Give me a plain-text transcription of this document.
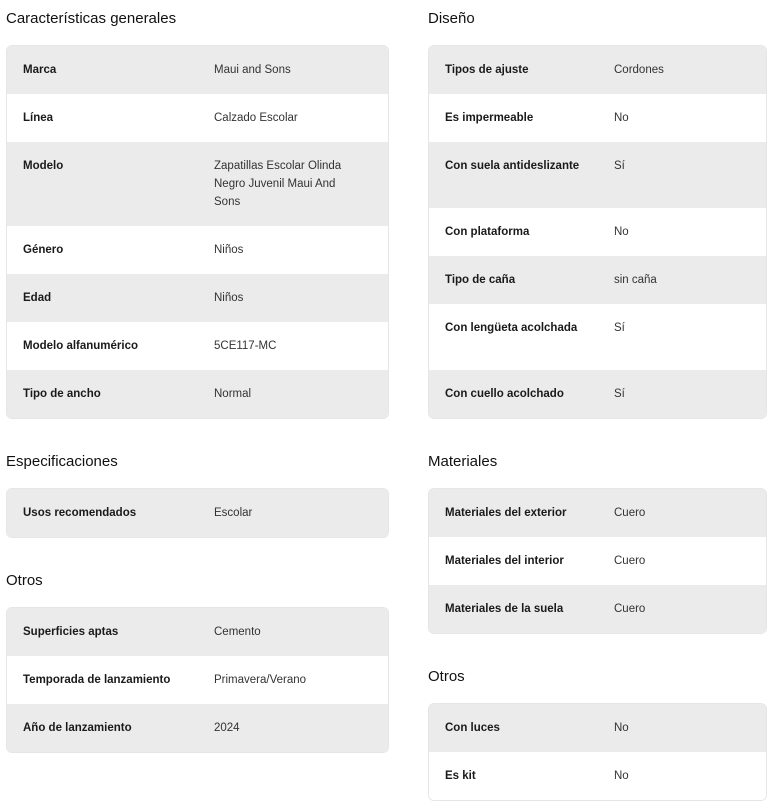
Características generales
Marca	Maui and Sons
Línea	Calzado Escolar
Modelo	Zapatillas Escolar Olinda Negro Juvenil Maui And Sons
Género	Niños
Edad	Niños
Modelo alfanumérico	5CE117-MC
Tipo de ancho	Normal
Especificaciones
Usos recomendados	Escolar
Otros
Superficies aptas	Cemento
Temporada de lanzamiento	Primavera/Verano
Año de lanzamiento	2024
Diseño
Tipos de ajuste	Cordones
Es impermeable	No
Con suela antideslizante	Sí
Con plataforma	No
Tipo de caña	sin caña
Con lengüeta acolchada	Sí
Con cuello acolchado	Sí
Materiales
Materiales del exterior	Cuero
Materiales del interior	Cuero
Materiales de la suela	Cuero
Otros
Con luces	No
Es kit	No
